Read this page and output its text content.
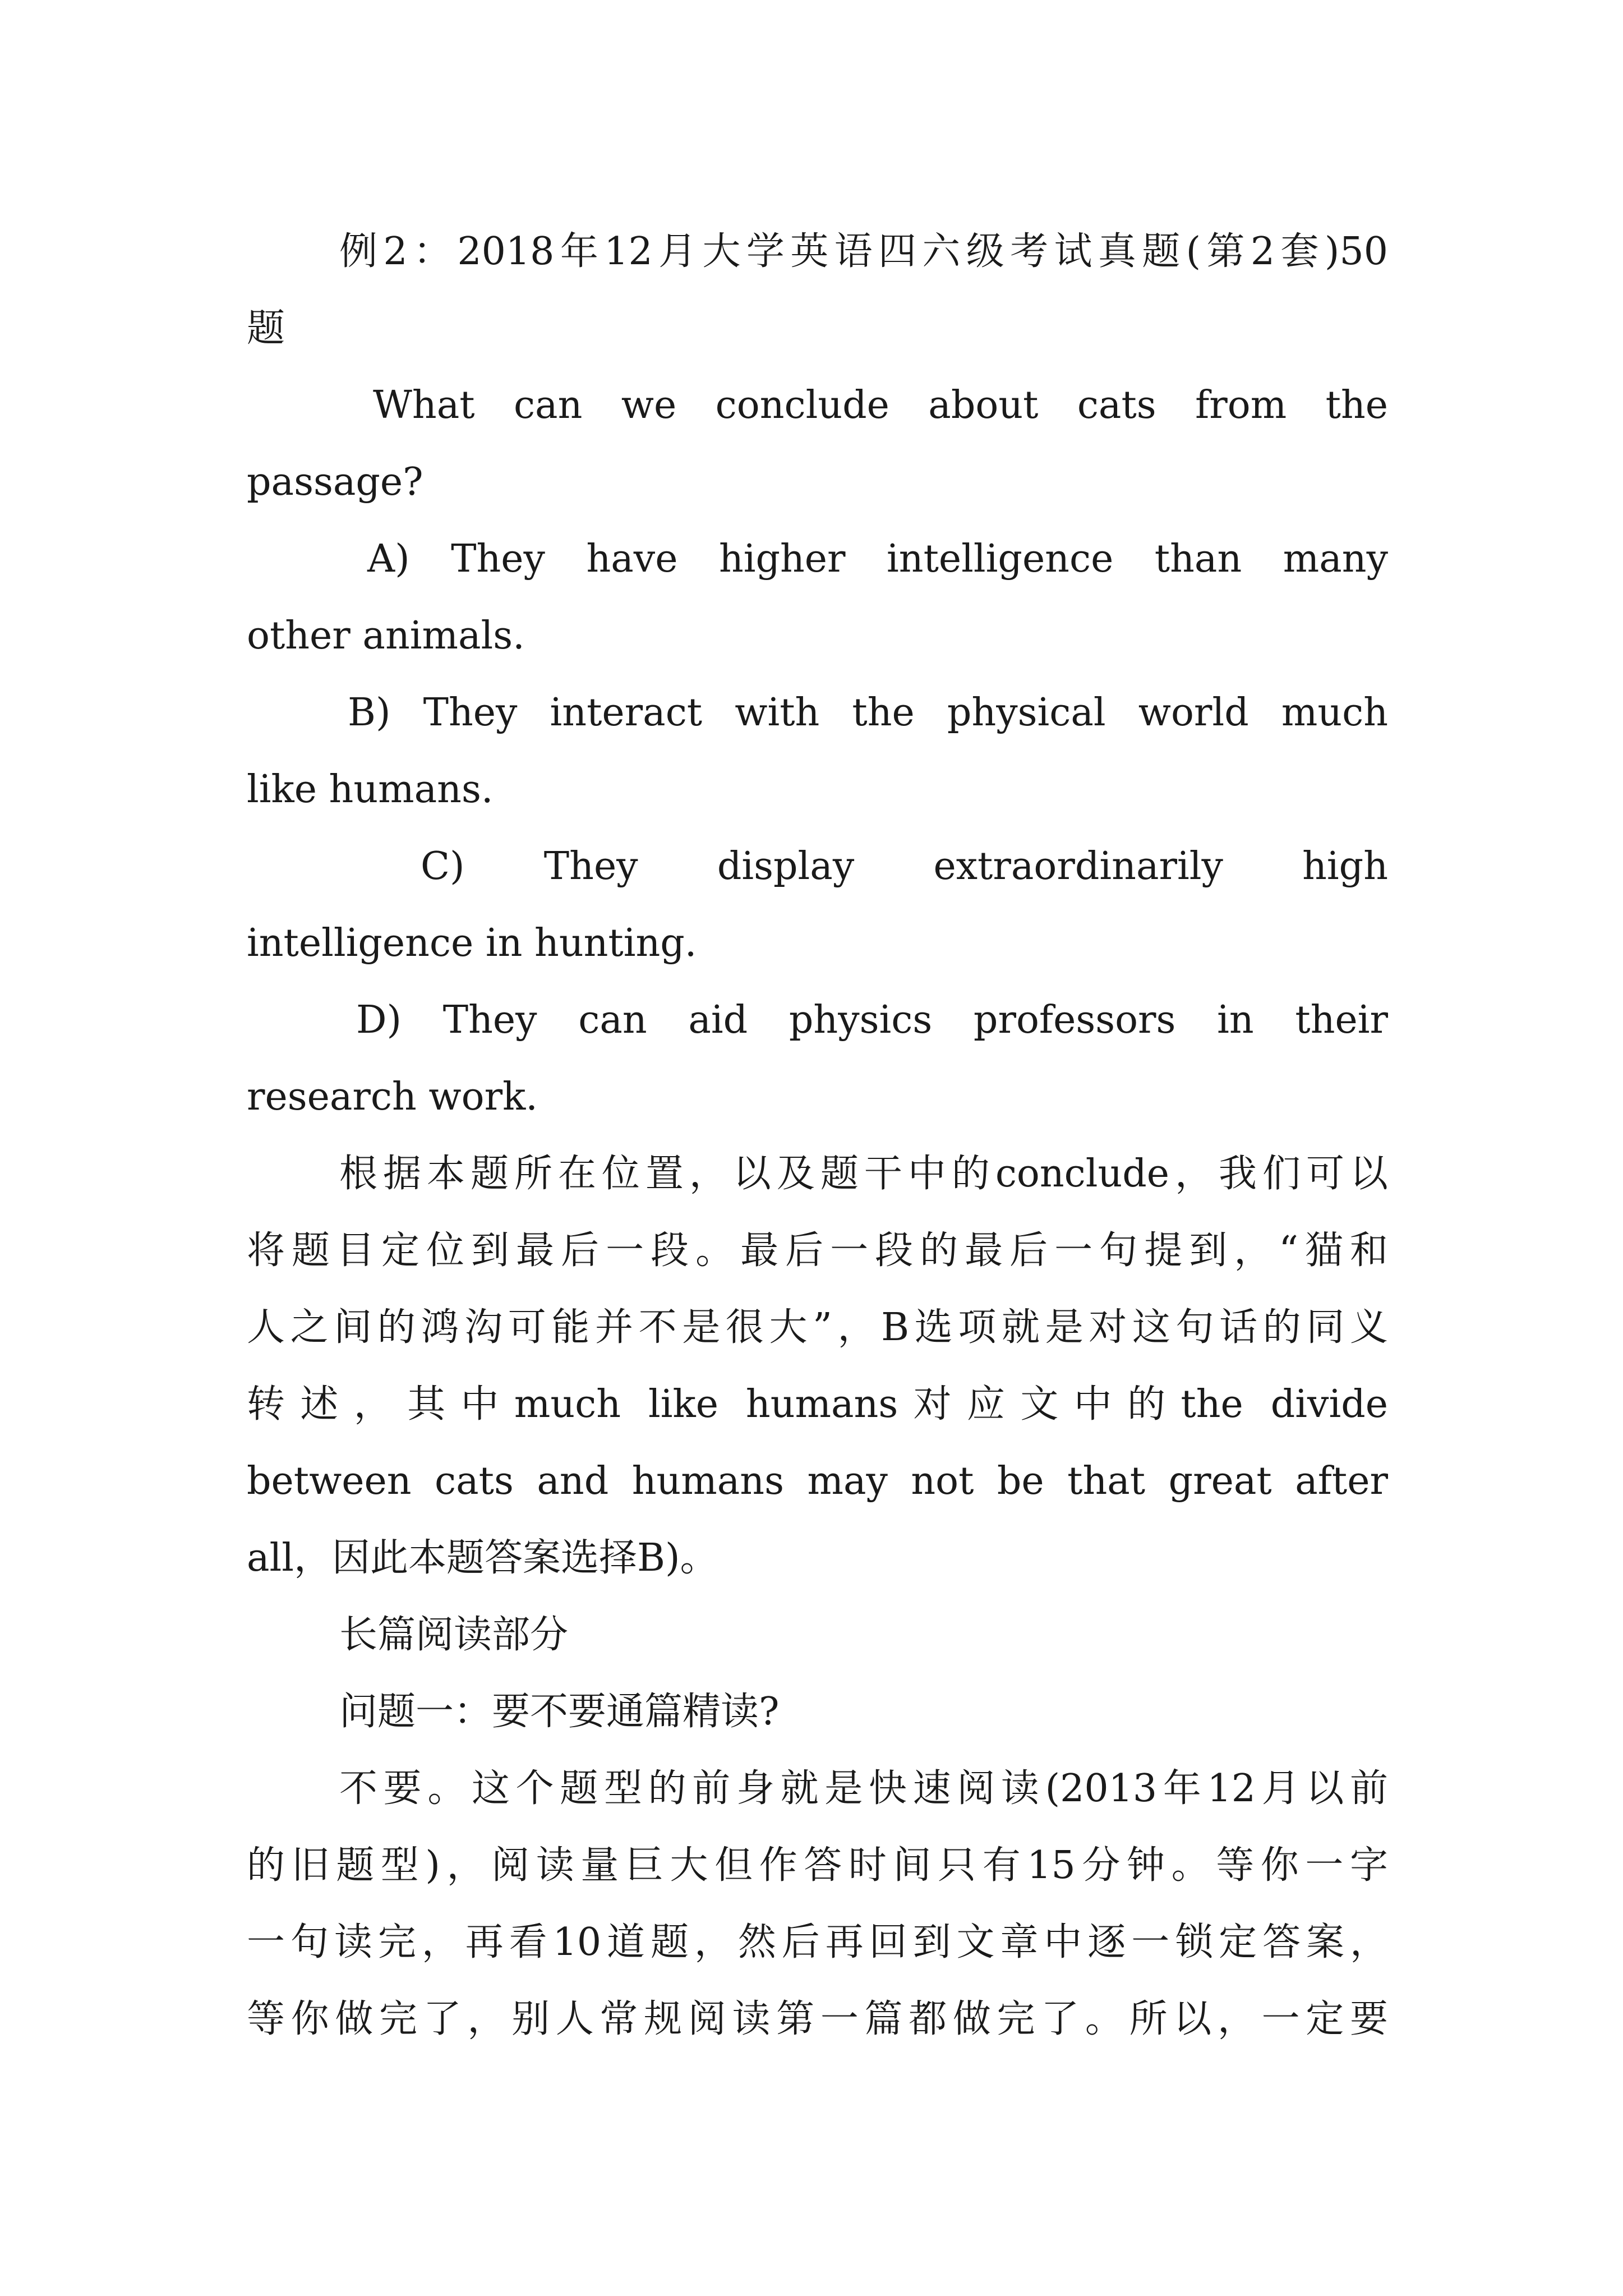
例2：2018年12月大学英语四六级考试真题(第2套)50
题
What can we conclude about cats from the
passage?
A) They have higher intelligence than many
other animals.
B) They interact with the physical world much
like humans.
C) They display extraordinarily high
intelligence in hunting.
D) They can aid physics professors in their
research work.
根据本题所在位置，以及题干中的conclude，我们可以
将题目定位到最后一段。最后一段的最后一句提到，“猫和
人之间的鸿沟可能并不是很大”，B选项就是对这句话的同义
转述，其中much like humans对应文中的the divide
between cats and humans may not be that great after
all，因此本题答案选择B)。
长篇阅读部分
问题一：要不要通篇精读?
不要。这个题型的前身就是快速阅读(2013年12月以前
的旧题型)，阅读量巨大但作答时间只有15分钟。等你一字
一句读完，再看10道题，然后再回到文章中逐一锁定答案，
等你做完了，别人常规阅读第一篇都做完了。所以，一定要
